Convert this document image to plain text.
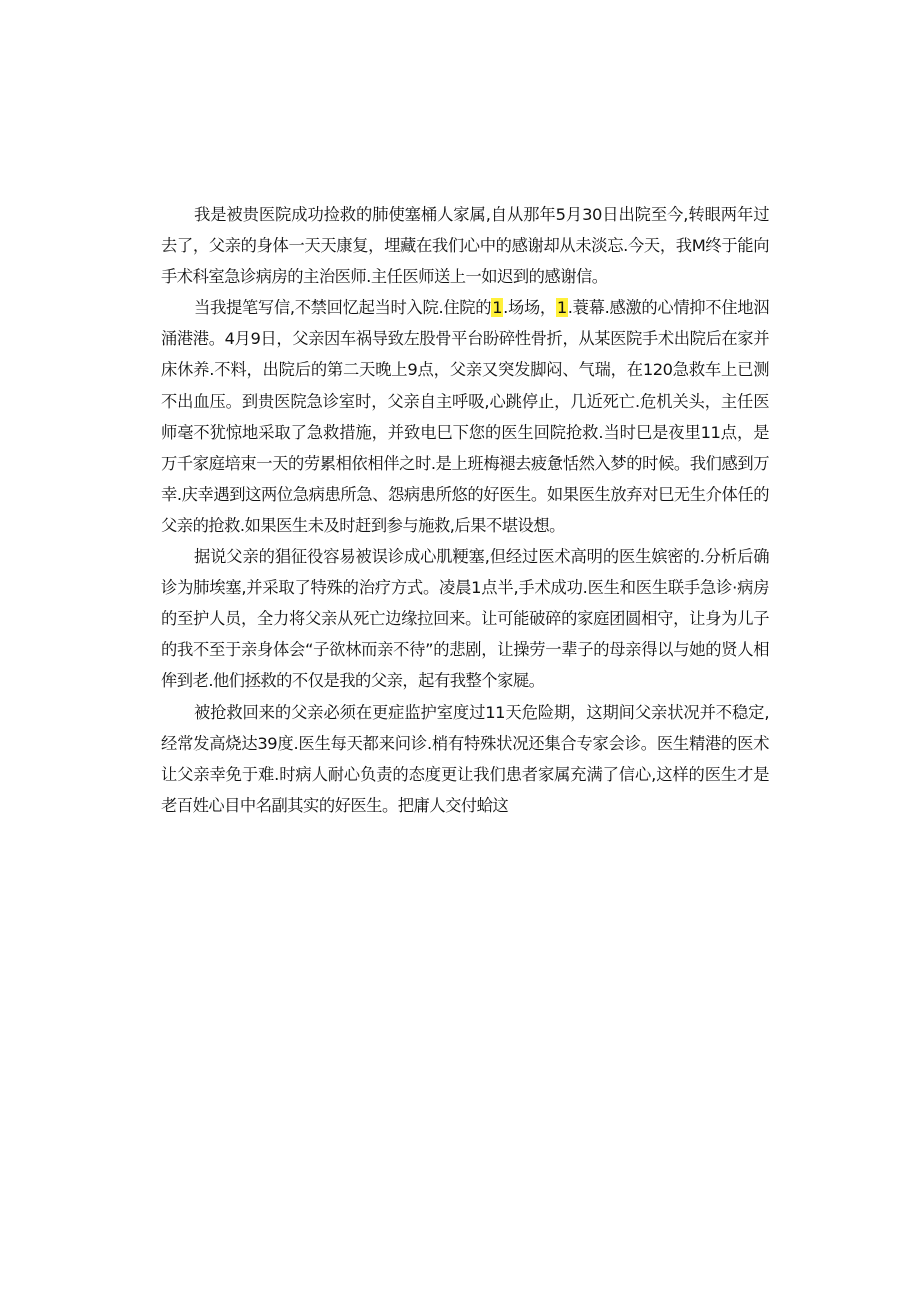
我是被贵医院成功捡救的肺使塞桶人家属,自从那年5月30日出院至今,转眼两年过去了，父亲的身体一天天康复，埋藏在我们心中的感谢却从未淡忘.今天，我M终于能向手术科室急诊病房的主治医师.主任医师送上一如迟到的感谢信。

当我提笔写信,不禁回忆起当时入院.住院的1.场场，1.蓑幕.感激的心情抑不住地泅涌港港。4月9日，父亲因车祸导致左股骨平台盼碎性骨折，从某医院手术出院后在家并床休养.不料，出院后的第二天晚上9点，父亲又突发脚闷、气瑞，在120急救车上已测不出血压。到贵医院急诊室时，父亲自主呼吸,心跳停止，几近死亡.危机关头，主任医师毫不犹惊地采取了急救措施，并致电巳下您的医生回院抢救.当时巳是夜里11点，是万千家庭培束一天的劳累相依相伴之时.是上班梅褪去疲惫恬然入梦的时候。我们感到万幸.庆幸遇到这两位急病患所急、怨病患所悠的好医生。如果医生放弃对巳无生介体任的父亲的抢救.如果医生未及时赶到参与施救,后果不堪设想。

据说父亲的猖征役容易被误诊成心肌粳塞,但经过医术高明的医生嫔密的.分析后确诊为肺埃塞,并采取了特殊的治疗方式。凌晨1点半,手术成功.医生和医生联手急诊·病房的至护人员，全力将父亲从死亡边缘拉回来。让可能破碎的家庭团圆相守，让身为儿子的我不至于亲身体会“子欲林而亲不待”的悲剧，让操劳一辈子的母亲得以与她的贤人相侔到老.他们拯救的不仅是我的父亲，起有我整个家屣。

被抢救回来的父亲必须在更症监护室度过11天危险期，这期间父亲状况并不稳定,经常发高烧达39度.医生每天都来问诊.梢有特殊状况还集合专家会诊。医生精港的医术让父亲幸免于难.时病人耐心负责的态度更让我们患者家属充满了信心,这样的医生才是老百姓心目中名副其实的好医生。把庸人交付蛤这
